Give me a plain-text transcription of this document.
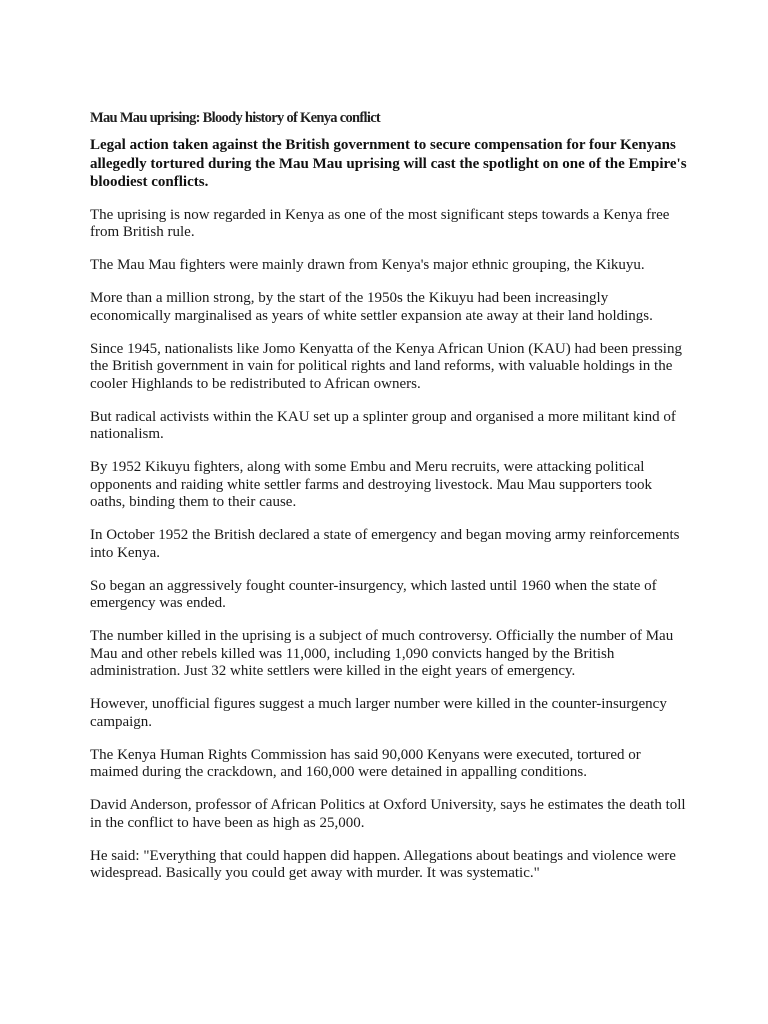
Mau Mau uprising: Bloody history of Kenya conflict

Legal action taken against the British government to secure compensation for four Kenyans allegedly tortured during the Mau Mau uprising will cast the spotlight on one of the Empire's bloodiest conflicts.

The uprising is now regarded in Kenya as one of the most significant steps towards a Kenya free from British rule.

The Mau Mau fighters were mainly drawn from Kenya's major ethnic grouping, the Kikuyu.

More than a million strong, by the start of the 1950s the Kikuyu had been increasingly economically marginalised as years of white settler expansion ate away at their land holdings.

Since 1945, nationalists like Jomo Kenyatta of the Kenya African Union (KAU) had been pressing the British government in vain for political rights and land reforms, with valuable holdings in the cooler Highlands to be redistributed to African owners.

But radical activists within the KAU set up a splinter group and organised a more militant kind of nationalism.

By 1952 Kikuyu fighters, along with some Embu and Meru recruits, were attacking political opponents and raiding white settler farms and destroying livestock. Mau Mau supporters took oaths, binding them to their cause.

In October 1952 the British declared a state of emergency and began moving army reinforcements into Kenya.

So began an aggressively fought counter-insurgency, which lasted until 1960 when the state of emergency was ended.

The number killed in the uprising is a subject of much controversy. Officially the number of Mau Mau and other rebels killed was 11,000, including 1,090 convicts hanged by the British administration. Just 32 white settlers were killed in the eight years of emergency.

However, unofficial figures suggest a much larger number were killed in the counter-insurgency campaign.

The Kenya Human Rights Commission has said 90,000 Kenyans were executed, tortured or maimed during the crackdown, and 160,000 were detained in appalling conditions.

David Anderson, professor of African Politics at Oxford University, says he estimates the death toll in the conflict to have been as high as 25,000.

He said: "Everything that could happen did happen. Allegations about beatings and violence were widespread. Basically you could get away with murder. It was systematic."
